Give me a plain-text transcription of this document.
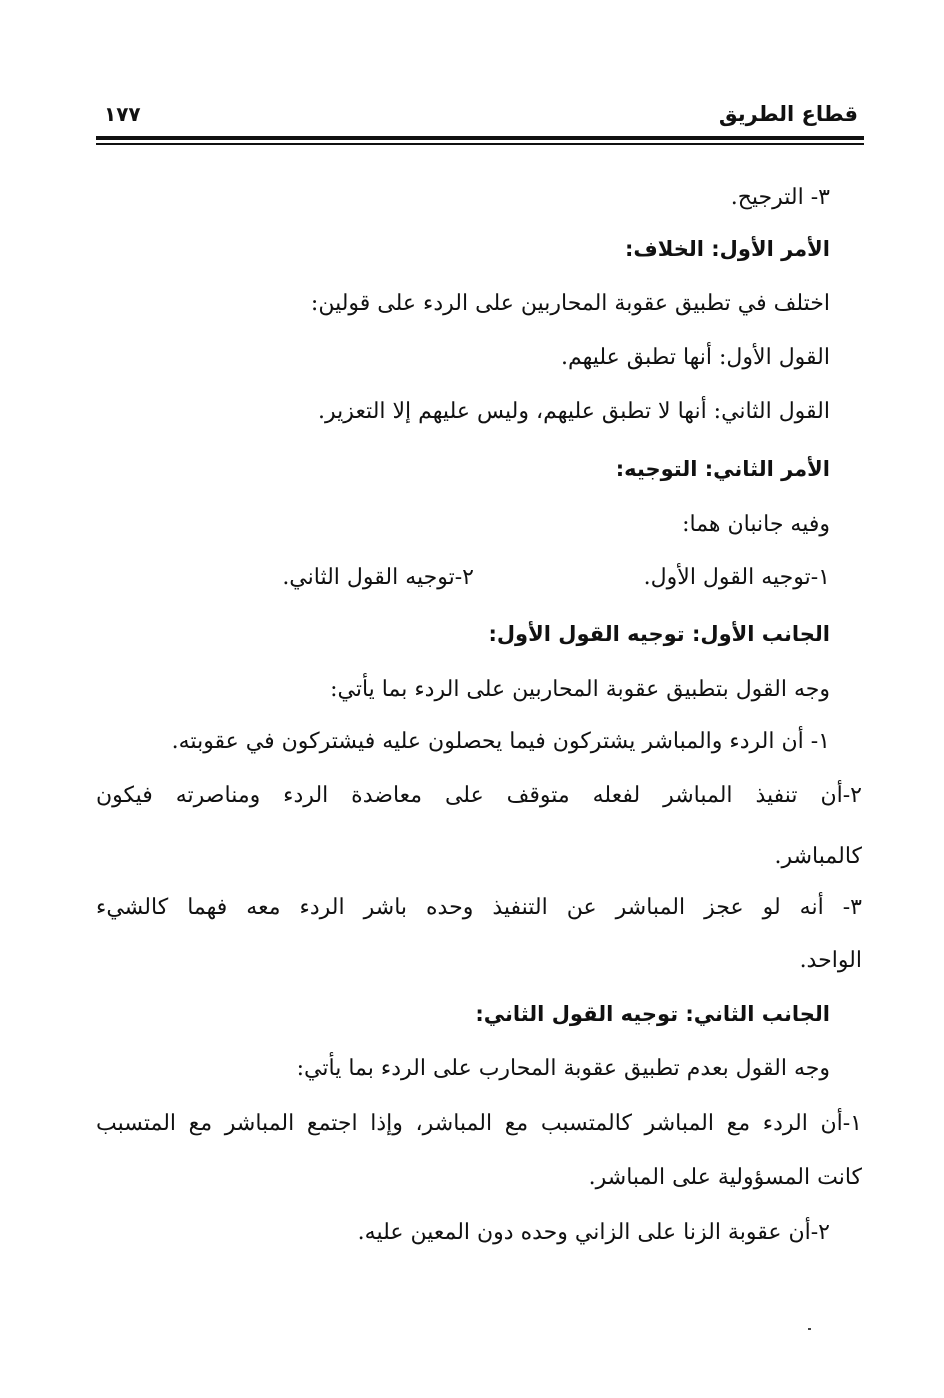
قطاع الطريق
١٧٧
٣- الترجيح.
الأمر الأول: الخلاف:
اختلف في تطبيق عقوبة المحاربين على الردء على قولين:
القول الأول: أنها تطبق عليهم.
القول الثاني: أنها لا تطبق عليهم، وليس عليهم إلا التعزير.
الأمر الثاني: التوجيه:
وفيه جانبان هما:
١-توجيه القول الأول.
٢-توجيه القول الثاني.
الجانب الأول: توجيه القول الأول:
وجه القول بتطبيق عقوبة المحاربين على الردء بما يأتي:
١- أن الردء والمباشر يشتركون فيما يحصلون عليه فيشتركون في عقوبته.
٢-أن تنفيذ المباشر لفعله متوقف على معاضدة الردء ومناصرته فيكون
كالمباشر.
٣- أنه لو عجز المباشر عن التنفيذ وحده باشر الردء معه فهما كالشيء
الواحد.
الجانب الثاني: توجيه القول الثاني:
وجه القول بعدم تطبيق عقوبة المحارب على الردء بما يأتي:
١-أن الردء مع المباشر كالمتسبب مع المباشر، وإذا اجتمع المباشر مع المتسبب
كانت المسؤولية على المباشر.
٢-أن عقوبة الزنا على الزاني وحده دون المعين عليه.
